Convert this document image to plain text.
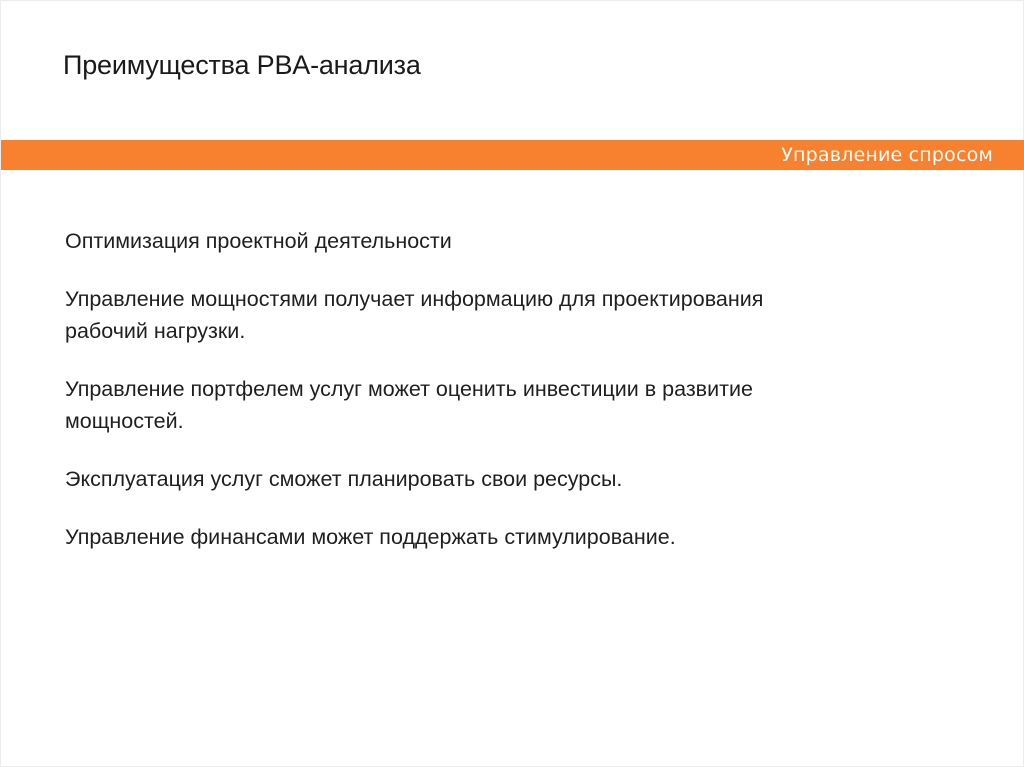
Преимущества PBA-анализа
Управление спросом

Оптимизация проектной деятельности

Управление мощностями получает информацию для проектирования
рабочий нагрузки.

Управление портфелем услуг может оценить инвестиции в развитие
мощностей.

Эксплуатация услуг сможет планировать свои ресурсы.

Управление финансами может поддержать стимулирование.
